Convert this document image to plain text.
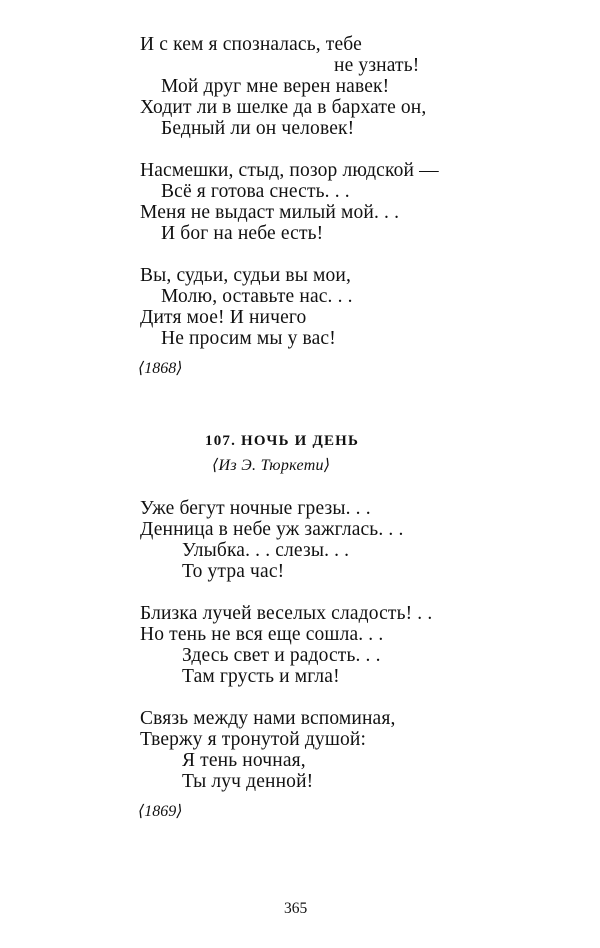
И с кем я спознaлась, тебе
не узнать!
Мой друг мне верен навек!
Ходит ли в шелке да в бархате он,
Бедный ли он человек!
Насмешки, стыд, позор людской —
Всё я готова снесть. . .
Меня не выдаст милый мой. . .
И бог на небе есть!
Вы, судьи, судьи вы мои,
Молю, оставьте нас. . .
Дитя мое! И ничего
Не просим мы у вас!
⟨1868⟩
107. НОЧЬ И ДЕНЬ
⟨Из Э. Тюркети⟩
Уже бегут ночные грезы. . .
Денница в небе уж зажглась. . .
Улыбка. . . слезы. . .
То утра час!
Близка лучей веселых сладость! . .
Но тень не вся еще сошла. . .
Здесь свет и радость. . .
Там грусть и мгла!
Связь между нами вспоминая,
Твержу я тронутой душой:
Я тень ночная,
Ты луч денной!
⟨1869⟩
365
